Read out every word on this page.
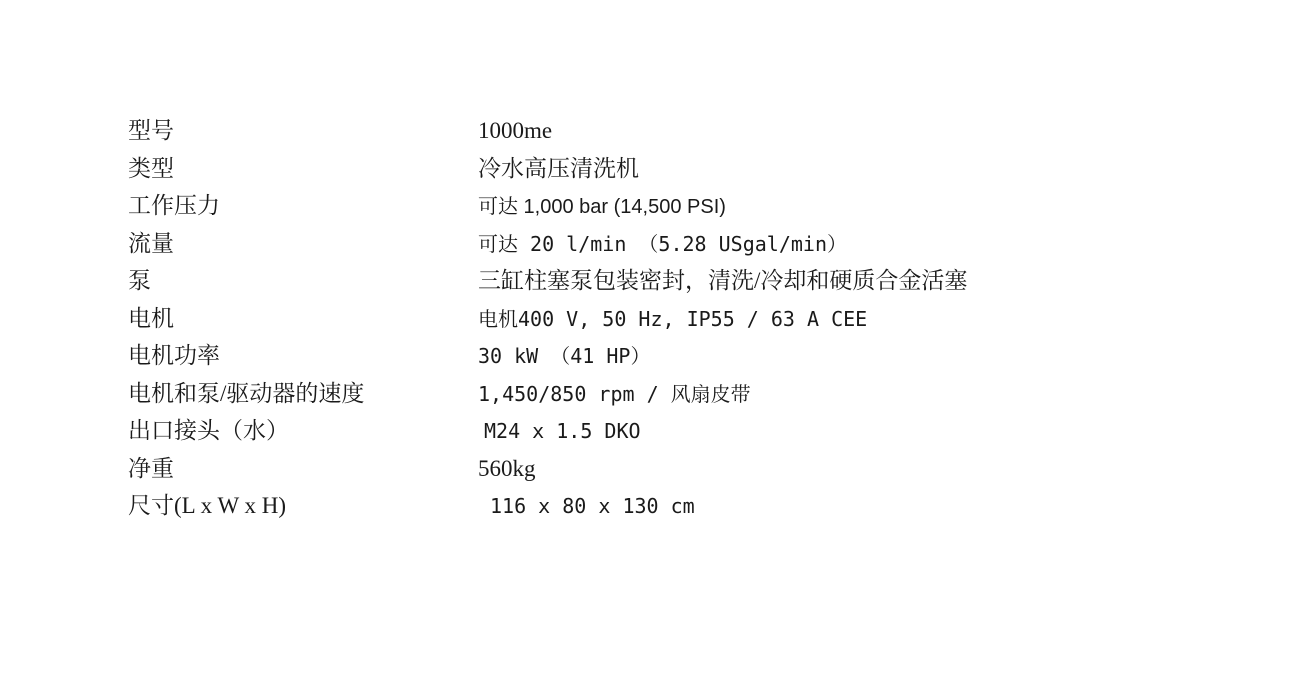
型号	1000me
类型	冷水高压清洗机
工作压力	可达 1,000 bar (14,500 PSI)
流量	可达 20 l/min （5.28 USgal/min）
泵	三缸柱塞泵包装密封，清洗/冷却和硬质合金活塞
电机	电机400 V, 50 Hz, IP55 / 63 A CEE
电机功率	30 kW （41 HP）
电机和泵/驱动器的速度	1,450/850 rpm / 风扇皮带
出口接头（水）	M24 x 1.5 DKO
净重	560kg
尺寸(L x W x H)	116 x 80 x 130 cm
